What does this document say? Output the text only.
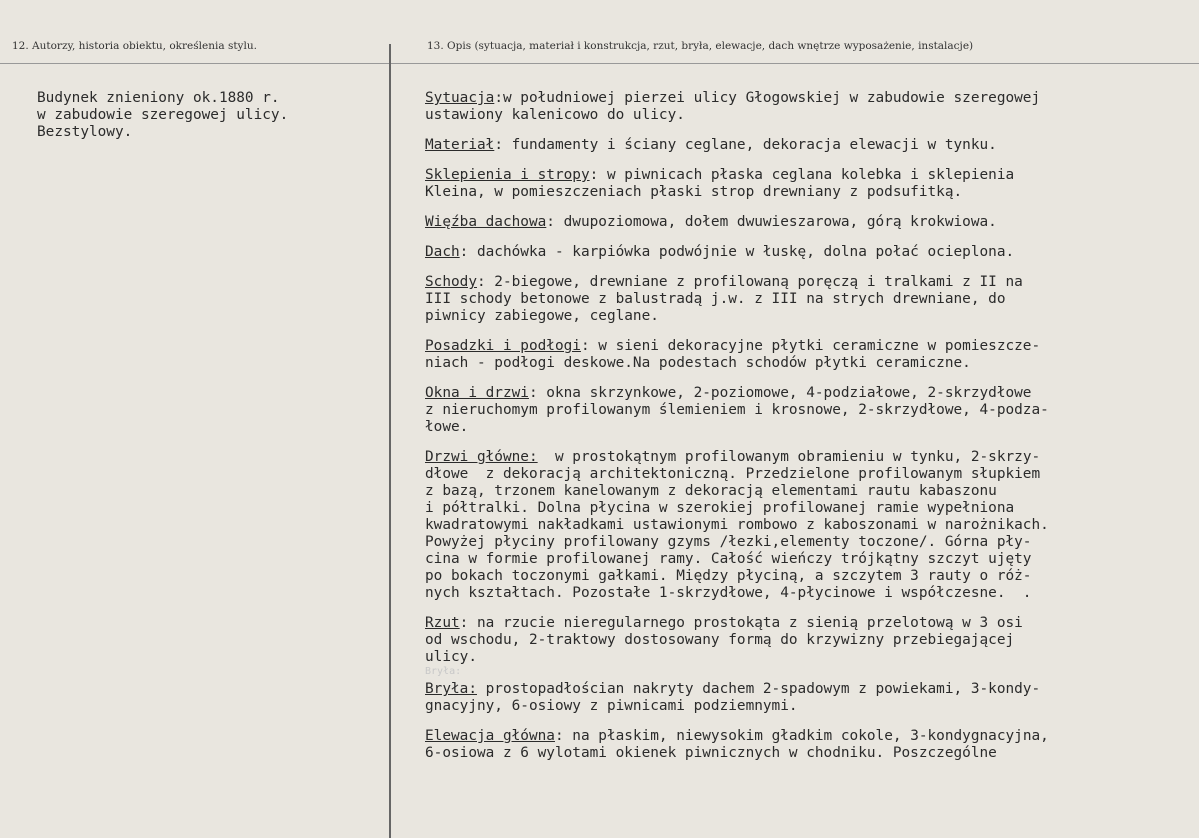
12. Autorzy, historia obiektu, określenia stylu.	13. Opis (sytuacja, materiał i konstrukcja, rzut, bryła, elewacje, dach wnętrze wyposażenie, instalacje)
Budynek znieniony ok.1880 r.
w zabudowie szeregowej ulicy.
Bezstylowy.

Sytuacja:w południowej pierzei ulicy Głogowskiej w zabudowie szeregowej
ustawiony kalenicowo do ulicy.

Materiał: fundamenty i ściany ceglane, dekoracja elewacji w tynku.

Sklepienia i stropy: w piwnicach płaska ceglana kolebka i sklepienia
Kleina, w pomieszczeniach płaski strop drewniany z podsufitką.

Więźba dachowa: dwupoziomowa, dołem dwuwieszarowa, górą krokwiowa.

Dach: dachówka - karpiówka podwójnie w łuskę, dolna połać ocieplona.

Schody: 2-biegowe, drewniane z profilowaną poręczą i tralkami z II na
III schody betonowe z balustradą j.w. z III na strych drewniane, do
piwnicy zabiegowe, ceglane.

Posadzki i podłogi: w sieni dekoracyjne płytki ceramiczne w pomieszcze-
niach - podłogi deskowe.Na podestach schodów płytki ceramiczne.

Okna i drzwi: okna skrzynkowe, 2-poziomowe, 4-podziałowe, 2-skrzydłowe
z nieruchomym profilowanym ślemieniem i krosnowe, 2-skrzydłowe, 4-podza-
łowe.

Drzwi główne:  w prostokątnym profilowanym obramieniu w tynku, 2-skrzy-
dłowe  z dekoracją architektoniczną. Przedzielone profilowanym słupkiem
z bazą, trzonem kanelowanym z dekoracją elementami rautu kabaszonu
i półtralki. Dolna płycina w szerokiej profilowanej ramie wypełniona
kwadratowymi nakładkami ustawionymi rombowo z kaboszonami w narożnikach.
Powyżej płyciny profilowany gzyms /łezki,elementy toczone/. Górna pły-
cina w formie profilowanej ramy. Całość wieńczy trójkątny szczyt ujęty
po bokach toczonymi gałkami. Między płyciną, a szczytem 3 rauty o róż-
nych kształtach. Pozostałe 1-skrzydłowe, 4-płycinowe i współczesne.  .

Rzut: na rzucie nieregularnego prostokąta z sienią przelotową w 3 osi
od wschodu, 2-traktowy dostosowany formą do krzywizny przebiegającej
ulicy.

Bryła:

Bryła: prostopadłościan nakryty dachem 2-spadowym z powiekami, 3-kondy-
gnacyjny, 6-osiowy z piwnicami podziemnymi.

Elewacja główna: na płaskim, niewysokim gładkim cokole, 3-kondygnacyjna,
6-osiowa z 6 wylotami okienek piwnicznych w chodniku. Poszczególne
